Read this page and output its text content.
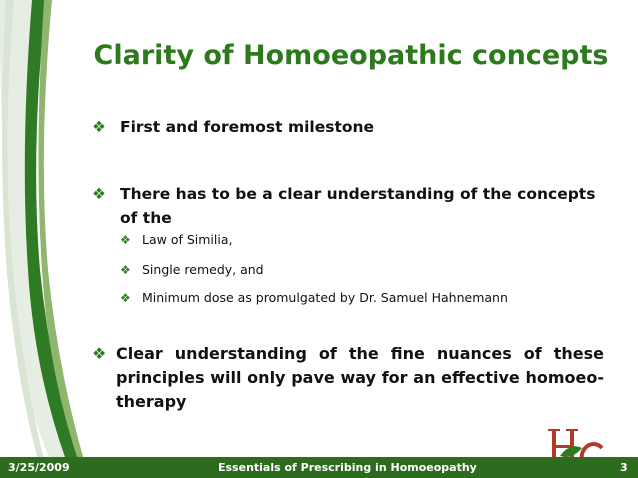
Clarity of Homoeopathic concepts
❖ First and foremost milestone
❖ There has to be a clear understanding of the concepts
of the
❖ Law of Similia,
❖ Single remedy, and
❖ Minimum dose as promulgated by Dr. Samuel Hahnemann
❖ Clear understanding of the fine nuances of these principles will only pave way for an effective homoeo-therapy
3/25/2009	Essentials of Prescribing in Homoeopathy	3
